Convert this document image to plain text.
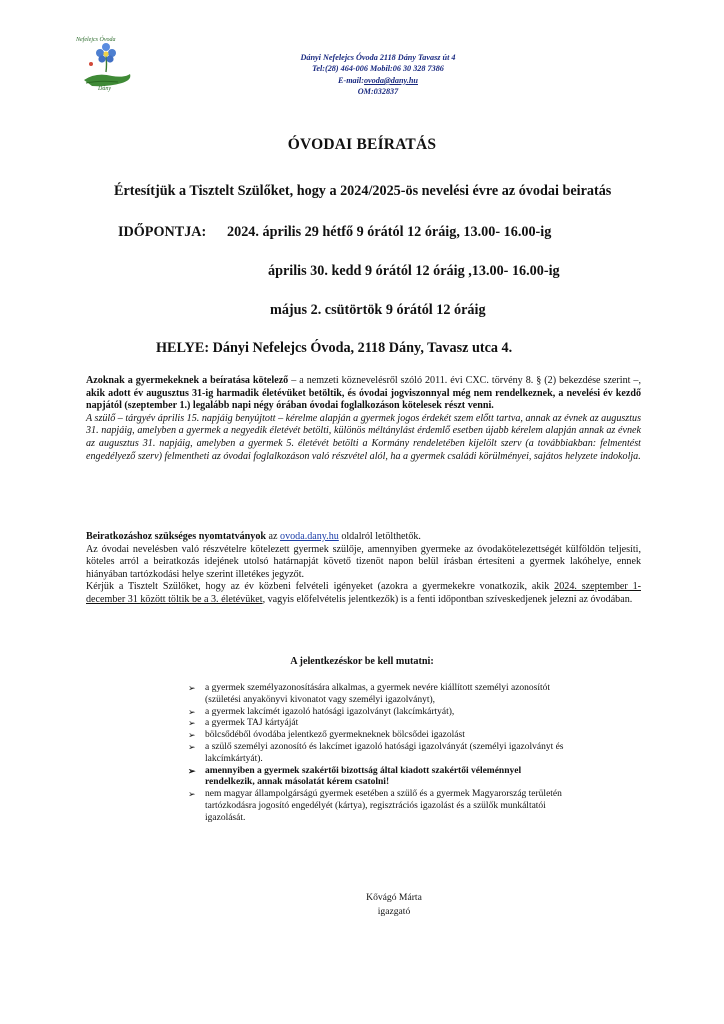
Nefelejcs Óvoda
Dány
Dányi Nefelejcs Óvoda 2118 Dány Tavasz út 4
Tel:(28) 464-006 Mobil:06 30 328 7386
E-mail:ovoda@dany.hu
OM:032837
ÓVODAI BEÍRATÁS
Értesítjük a Tisztelt Szülőket, hogy a 2024/2025-ös nevelési évre az óvodai beiratás
IDŐPONTJA: 2024. április 29 hétfő 9 órától 12 óráig, 13.00- 16.00-ig
április 30. kedd 9 órától 12 óráig ,13.00- 16.00-ig
május 2. csütörtök 9 órától 12 óráig
HELYE: Dányi Nefelejcs Óvoda, 2118 Dány, Tavasz utca 4.
Azoknak a gyermekeknek a beíratása kötelező – a nemzeti köznevelésről szóló 2011. évi CXC. törvény 8. § (2) bekezdése szerint –, akik adott év augusztus 31-ig harmadik életévüket betöltik, és óvodai jogviszonnyal még nem rendelkeznek, a nevelési év kezdő napjától (szeptember 1.) legalább napi négy órában óvodai foglalkozáson kötelesek részt venni.
A szülő – tárgyév április 15. napjáig benyújtott – kérelme alapján a gyermek jogos érdekét szem előtt tartva, annak az évnek az augusztus 31. napjáig, amelyben a gyermek a negyedik életévét betölti, különös méltánylást érdemlő esetben újabb kérelem alapján annak az évnek az augusztus 31. napjáig, amelyben a gyermek 5. életévét betölti a Kormány rendeletében kijelölt szerv (a továbbiakban: felmentést engedélyező szerv) felmentheti az óvodai foglalkozáson való részvétel alól, ha a gyermek családi körülményei, sajátos helyzete indokolja.
Beiratkozáshoz szükséges nyomtatványok az ovoda.dany.hu oldalról letölthetők.
Az óvodai nevelésben való részvételre kötelezett gyermek szülője, amennyiben gyermeke az óvodakötelezettségét külföldön teljesíti, köteles arról a beiratkozás idejének utolsó határnapját követő tizenöt napon belül írásban értesíteni a gyermek lakóhelye, ennek hiányában tartózkodási helye szerint illetékes jegyzőt.
Kérjük a Tisztelt Szülőket, hogy az év közbeni felvételi igényeket (azokra a gyermekekre vonatkozik, akik 2024. szeptember 1- december 31 között töltik be a 3. életévüket, vagyis előfelvételis jelentkezők) is a fenti időpontban szíveskedjenek jelezni az óvodában.
A jelentkezéskor be kell mutatni:
➢ a gyermek személyazonosítására alkalmas, a gyermek nevére kiállított személyi azonosítót (születési anyakönyvi kivonatot vagy személyi igazolványt),
➢ a gyermek lakcímét igazoló hatósági igazolványt (lakcímkártyát),
➢ a gyermek TAJ kártyáját
➢ bölcsődéből óvodába jelentkező gyermekneknek bölcsődei igazolást
➢ a szülő személyi azonosító és lakcímet igazoló hatósági igazolványát (személyi igazolványt és lakcímkártyát).
➢ amennyiben a gyermek szakértői bizottság által kiadott szakértői véleménnyel rendelkezik, annak másolatát kérem csatolni!
➢ nem magyar állampolgárságú gyermek esetében a szülő és a gyermek Magyarország területén tartózkodásra jogosító engedélyét (kártya), regisztrációs igazolást és a szülők munkáltatói igazolását.
Kővágó Márta
igazgató
